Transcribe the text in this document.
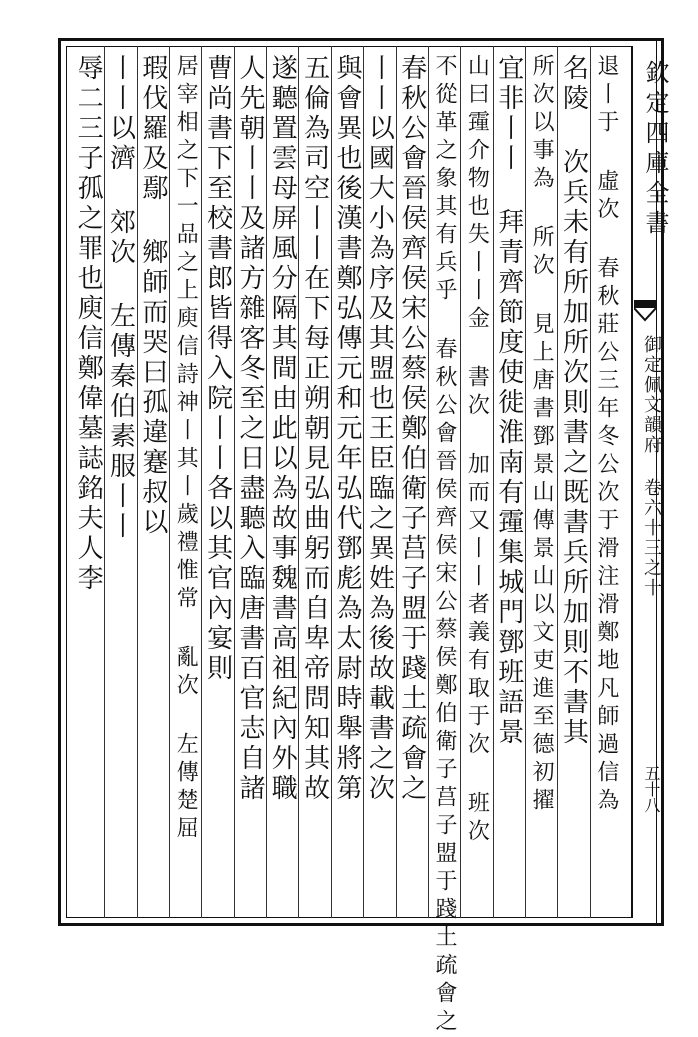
欽定四庫全書
御定佩文韻府 卷六十三之十
五十八
退丨于 虛次 春秋莊公三年冬公次于滑注滑鄭地凡師過信為
名陵 次兵未有所加所次則書之既書兵所加則不書其
所次以事為 所次 見上唐書鄧景山傳景山以文吏進至德初擢
宜非丨丨 拜青齊節度使徙淮南有䨪集城門鄧班語景
山曰䨪介物也失丨丨金 書次 加而又丨丨者義有取于次 班次
不從革之象其有兵乎 春秋公會晉侯齊侯宋公蔡侯鄭伯衛子莒子盟于踐土疏會之
春秋公會晉侯齊侯宋公蔡侯鄭伯衛子莒子盟于踐土疏會之
丨丨以國大小為序及其盟也王臣臨之異姓為後故載書之次
與會異也後漢書鄭弘傳元和元年弘代鄧彪為太尉時舉將第
五倫為司空丨丨在下每正朔朝見弘曲躬而自卑帝問知其故
遂聽置雲母屏風分隔其間由此以為故事魏書高祖紀內外職
人先朝丨丨及諸方雜客冬至之日盡聽入臨唐書百官志自諸
曹尚書下至校書郎皆得入院丨丨各以其官內宴則
居宰相之下一品之上庾信詩神丨其丨歲禮惟常 亂次 左傳楚屈
瑕伐羅及鄢 鄉師而哭曰孤違蹇叔以
丨丨以濟 郊次 左傳秦伯素服丨丨
辱二三子孤之罪也庾信鄭偉墓誌銘夫人李
